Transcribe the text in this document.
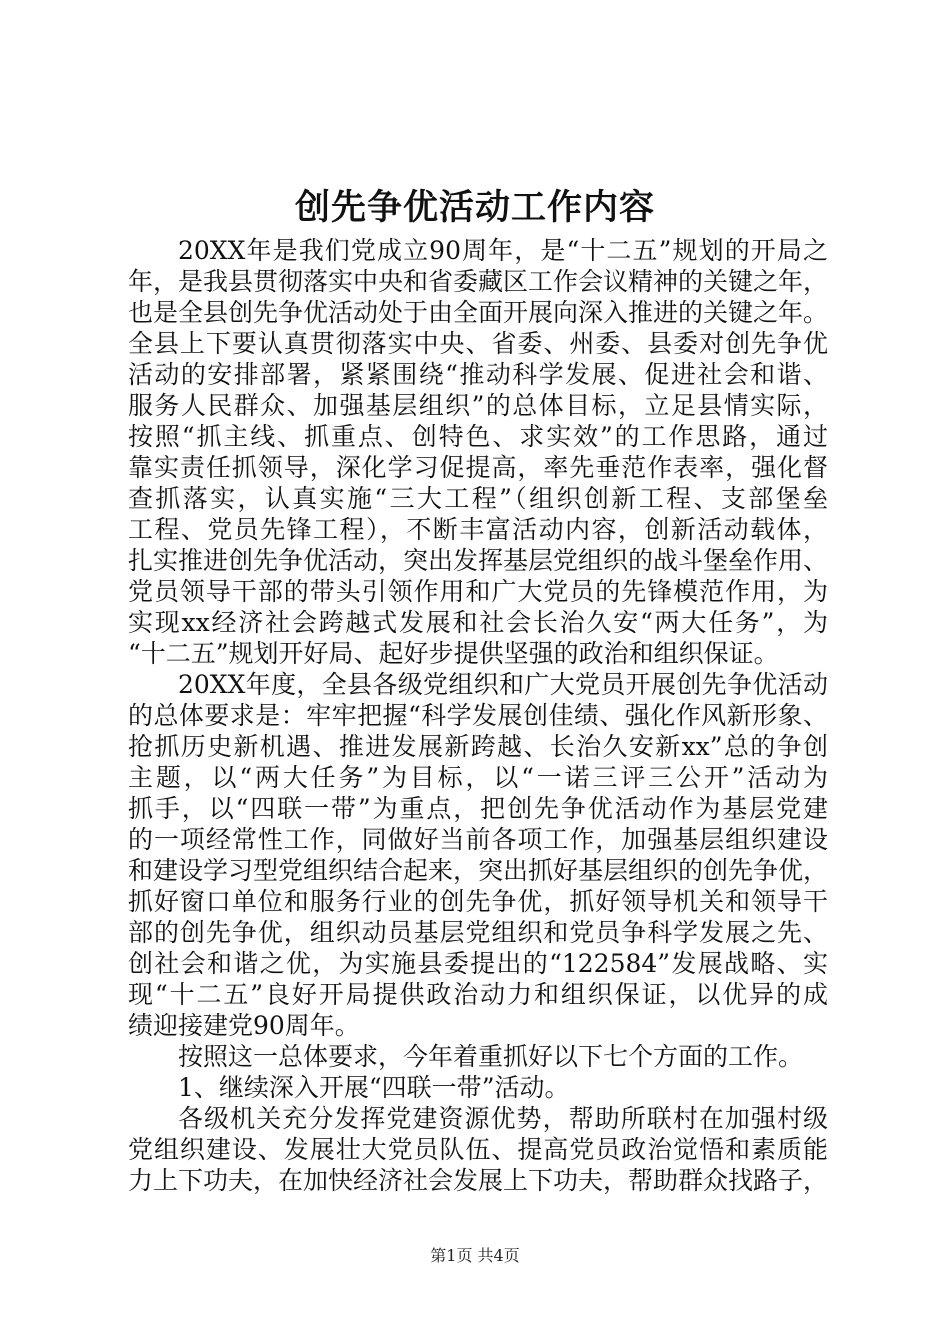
创先争优活动工作内容
20XX年是我们党成立90周年，是“十二五”规划的开局之
年，是我县贯彻落实中央和省委藏区工作会议精神的关键之年，
也是全县创先争优活动处于由全面开展向深入推进的关键之年。
全县上下要认真贯彻落实中央、省委、州委、县委对创先争优
活动的安排部署，紧紧围绕“推动科学发展、促进社会和谐、
服务人民群众、加强基层组织”的总体目标，立足县情实际，
按照“抓主线、抓重点、创特色、求实效”的工作思路，通过
靠实责任抓领导，深化学习促提高，率先垂范作表率，强化督
查抓落实，认真实施“三大工程”（组织创新工程、支部堡垒
工程、党员先锋工程），不断丰富活动内容，创新活动载体，
扎实推进创先争优活动，突出发挥基层党组织的战斗堡垒作用、
党员领导干部的带头引领作用和广大党员的先锋模范作用，为
实现xx经济社会跨越式发展和社会长治久安“两大任务”，为
“十二五”规划开好局、起好步提供坚强的政治和组织保证。
20XX年度，全县各级党组织和广大党员开展创先争优活动
的总体要求是：牢牢把握“科学发展创佳绩、强化作风新形象、
抢抓历史新机遇、推进发展新跨越、长治久安新xx”总的争创
主题，以“两大任务”为目标，以“一诺三评三公开”活动为
抓手，以“四联一带”为重点，把创先争优活动作为基层党建
的一项经常性工作，同做好当前各项工作，加强基层组织建设
和建设学习型党组织结合起来，突出抓好基层组织的创先争优，
抓好窗口单位和服务行业的创先争优，抓好领导机关和领导干
部的创先争优，组织动员基层党组织和党员争科学发展之先、
创社会和谐之优，为实施县委提出的“122584”发展战略、实
现“十二五”良好开局提供政治动力和组织保证，以优异的成
绩迎接建党90周年。
按照这一总体要求，今年着重抓好以下七个方面的工作。
1、继续深入开展“四联一带”活动。
各级机关充分发挥党建资源优势，帮助所联村在加强村级
党组织建设、发展壮大党员队伍、提高党员政治觉悟和素质能
力上下功夫，在加快经济社会发展上下功夫，帮助群众找路子，
第1页 共4页
